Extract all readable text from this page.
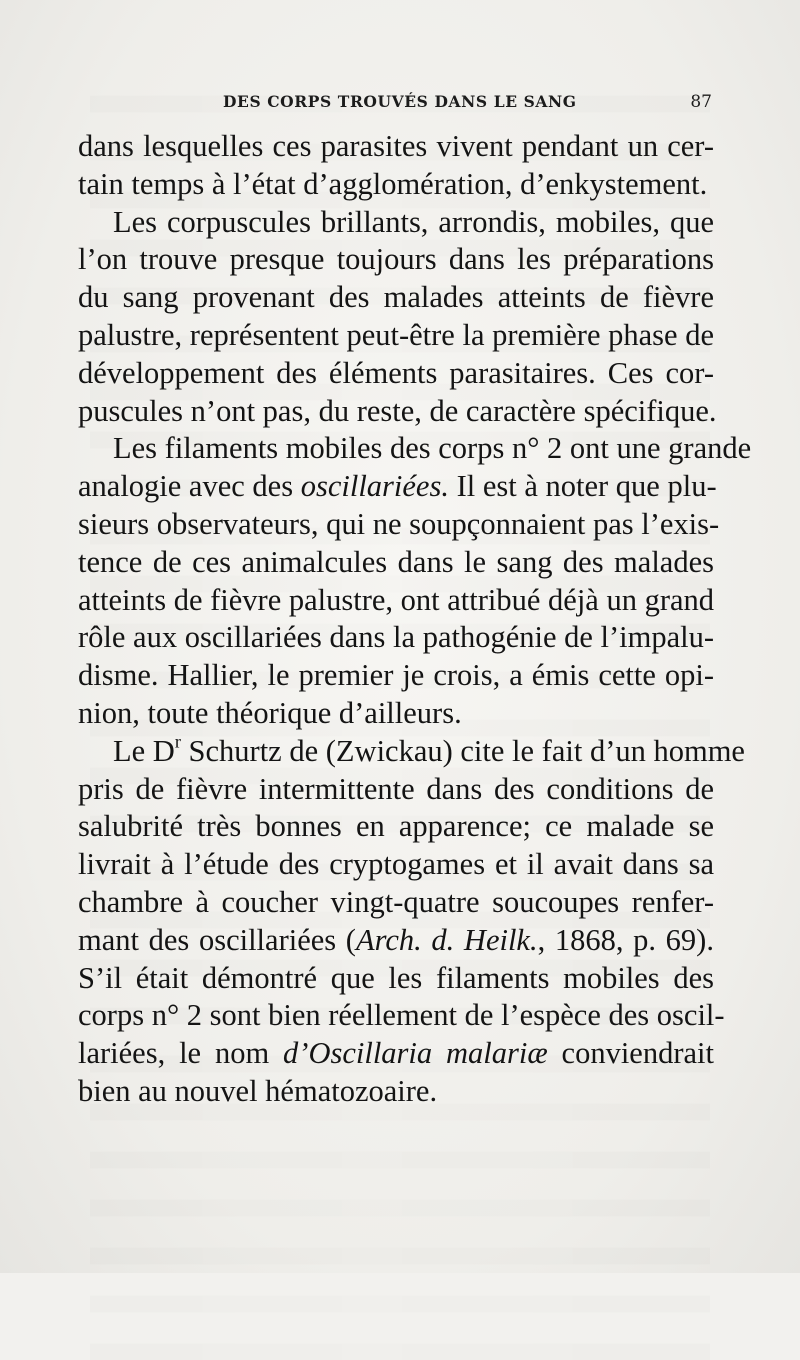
DES CORPS TROUVÉS DANS LE SANG	87
dans lesquelles ces parasites vivent pendant un cer-
tain temps à l’état d’agglomération, d’enkystement.
Les corpuscules brillants, arrondis, mobiles, que
l’on trouve presque toujours dans les préparations
du sang provenant des malades atteints de fièvre
palustre, représentent peut-être la première phase de
développement des éléments parasitaires. Ces cor-
puscules n’ont pas, du reste, de caractère spécifique.
Les filaments mobiles des corps n° 2 ont une grande
analogie avec des oscillariées. Il est à noter que plu-
sieurs observateurs, qui ne soupçonnaient pas l’exis-
tence de ces animalcules dans le sang des malades
atteints de fièvre palustre, ont attribué déjà un grand
rôle aux oscillariées dans la pathogénie de l’impalu-
disme. Hallier, le premier je crois, a émis cette opi-
nion, toute théorique d’ailleurs.
Le $D^r$ Schurtz de (Zwickau) cite le fait d’un homme
pris de fièvre intermittente dans des conditions de
salubrité très bonnes en apparence; ce malade se
livrait à l’étude des cryptogames et il avait dans sa
chambre à coucher vingt-quatre soucoupes renfer-
mant des oscillariées (Arch. d. Heilk., 1868, p. 69).
S’il était démontré que les filaments mobiles des
corps n° 2 sont bien réellement de l’espèce des oscil-
lariées, le nom d’Oscillaria malariæ conviendrait
bien au nouvel hématozoaire.
